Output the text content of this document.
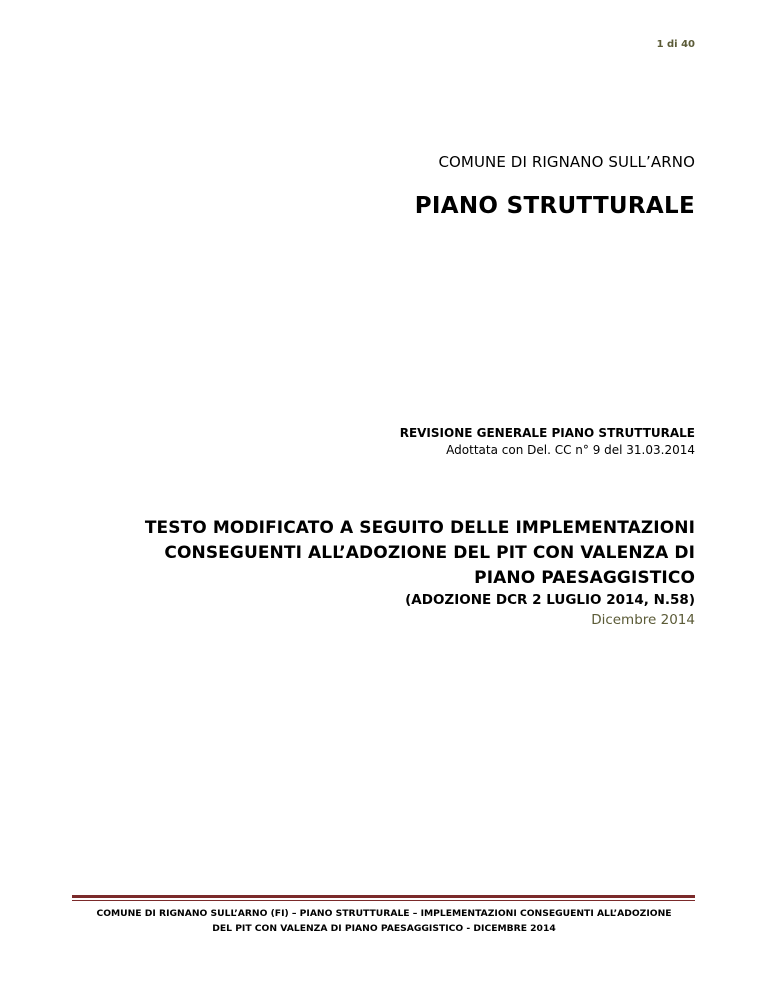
1 di 40
COMUNE DI RIGNANO SULL’ARNO
PIANO STRUTTURALE
REVISIONE GENERALE PIANO STRUTTURALE
Adottata con Del. CC n° 9 del 31.03.2014
TESTO MODIFICATO A SEGUITO DELLE IMPLEMENTAZIONI CONSEGUENTI ALL’ADOZIONE DEL PIT CON VALENZA DI PIANO PAESAGGISTICO
(ADOZIONE DCR 2 LUGLIO 2014, N.58)
Dicembre 2014
COMUNE DI RIGNANO SULL’ARNO (FI) – PIANO STRUTTURALE – IMPLEMENTAZIONI CONSEGUENTI ALL’ADOZIONE
DEL PIT CON VALENZA DI PIANO PAESAGGISTICO - DICEMBRE 2014
